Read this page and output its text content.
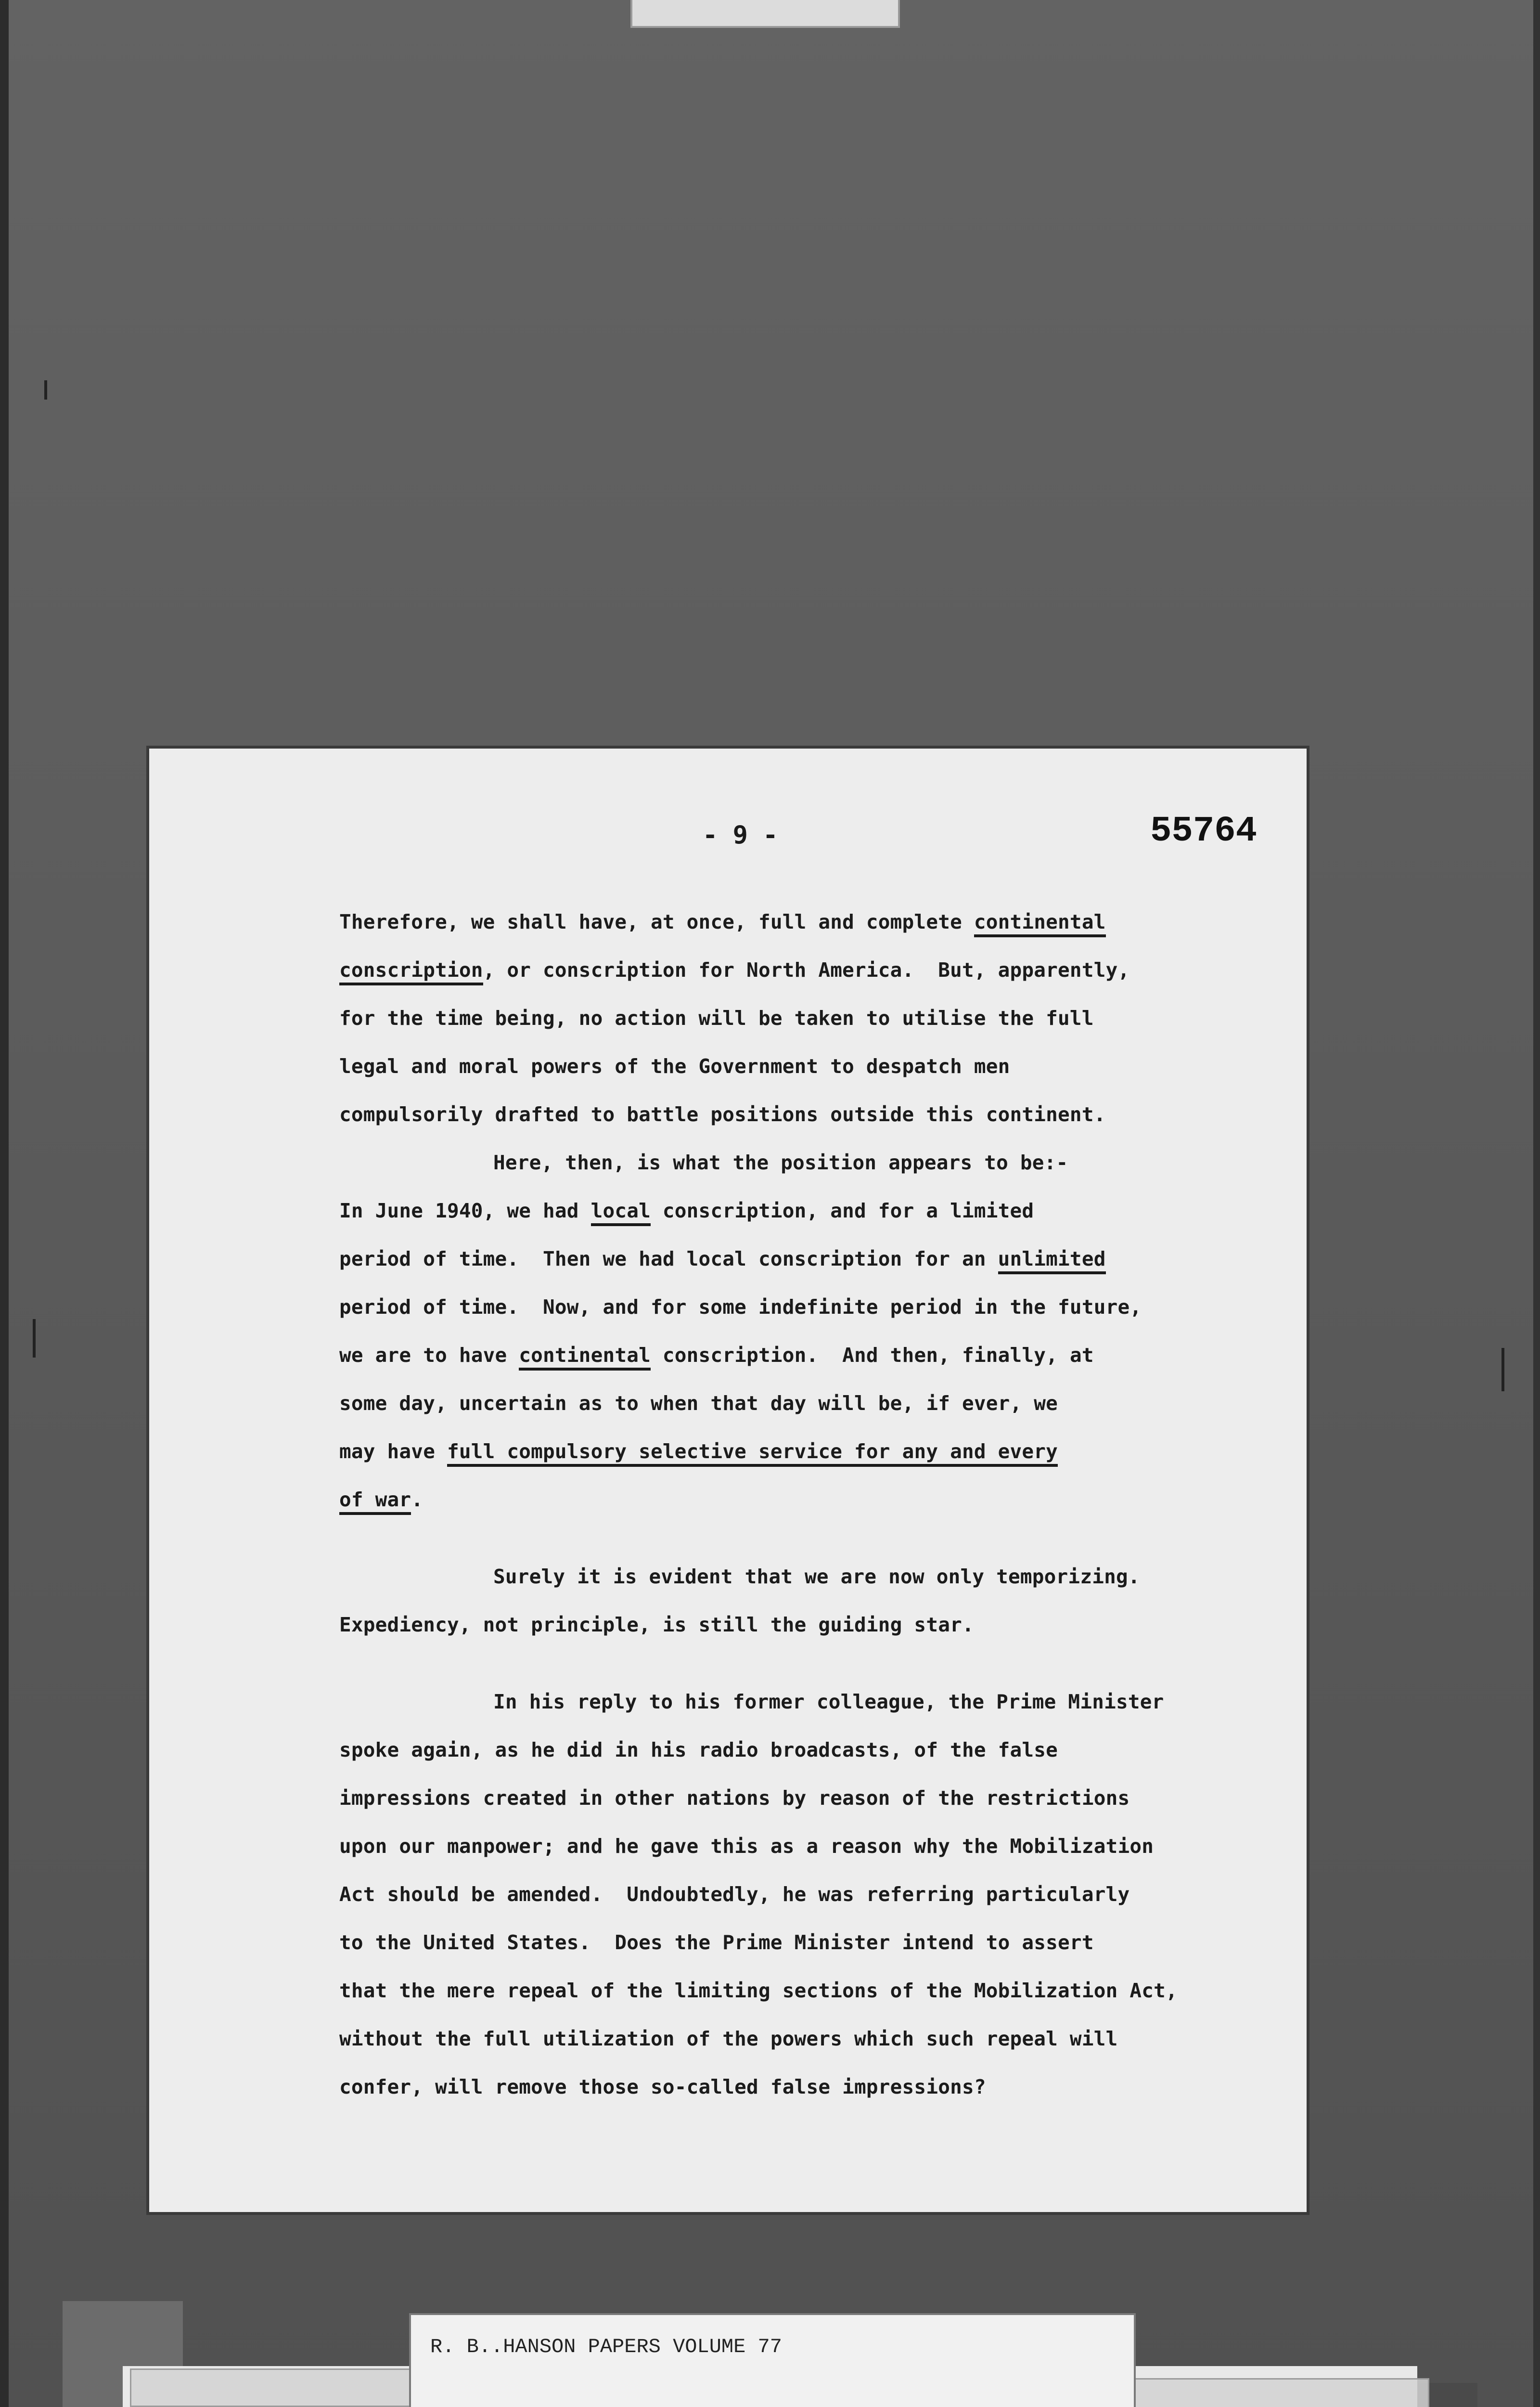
- 9 -	55764
Therefore, we shall have, at once, full and complete continental
conscription, or conscription for North America.  But, apparently,
for the time being, no action will be taken to utilise the full
legal and moral powers of the Government to despatch men
compulsorily drafted to battle positions outside this continent.
Here, then, is what the position appears to be:-
In June 1940, we had local conscription, and for a limited
period of time.  Then we had local conscription for an unlimited
period of time.  Now, and for some indefinite period in the future,
we are to have continental conscription.  And then, finally, at
some day, uncertain as to when that day will be, if ever, we
may have full compulsory selective service for any and every
of war.
Surely it is evident that we are now only temporizing.
Expediency, not principle, is still the guiding star.
In his reply to his former colleague, the Prime Minister
spoke again, as he did in his radio broadcasts, of the false
impressions created in other nations by reason of the restrictions
upon our manpower; and he gave this as a reason why the Mobilization
Act should be amended.  Undoubtedly, he was referring particularly
to the United States.  Does the Prime Minister intend to assert
that the mere repeal of the limiting sections of the Mobilization Act,
without the full utilization of the powers which such repeal will
confer, will remove those so-called false impressions?
R. B..HANSON PAPERS VOLUME 77
